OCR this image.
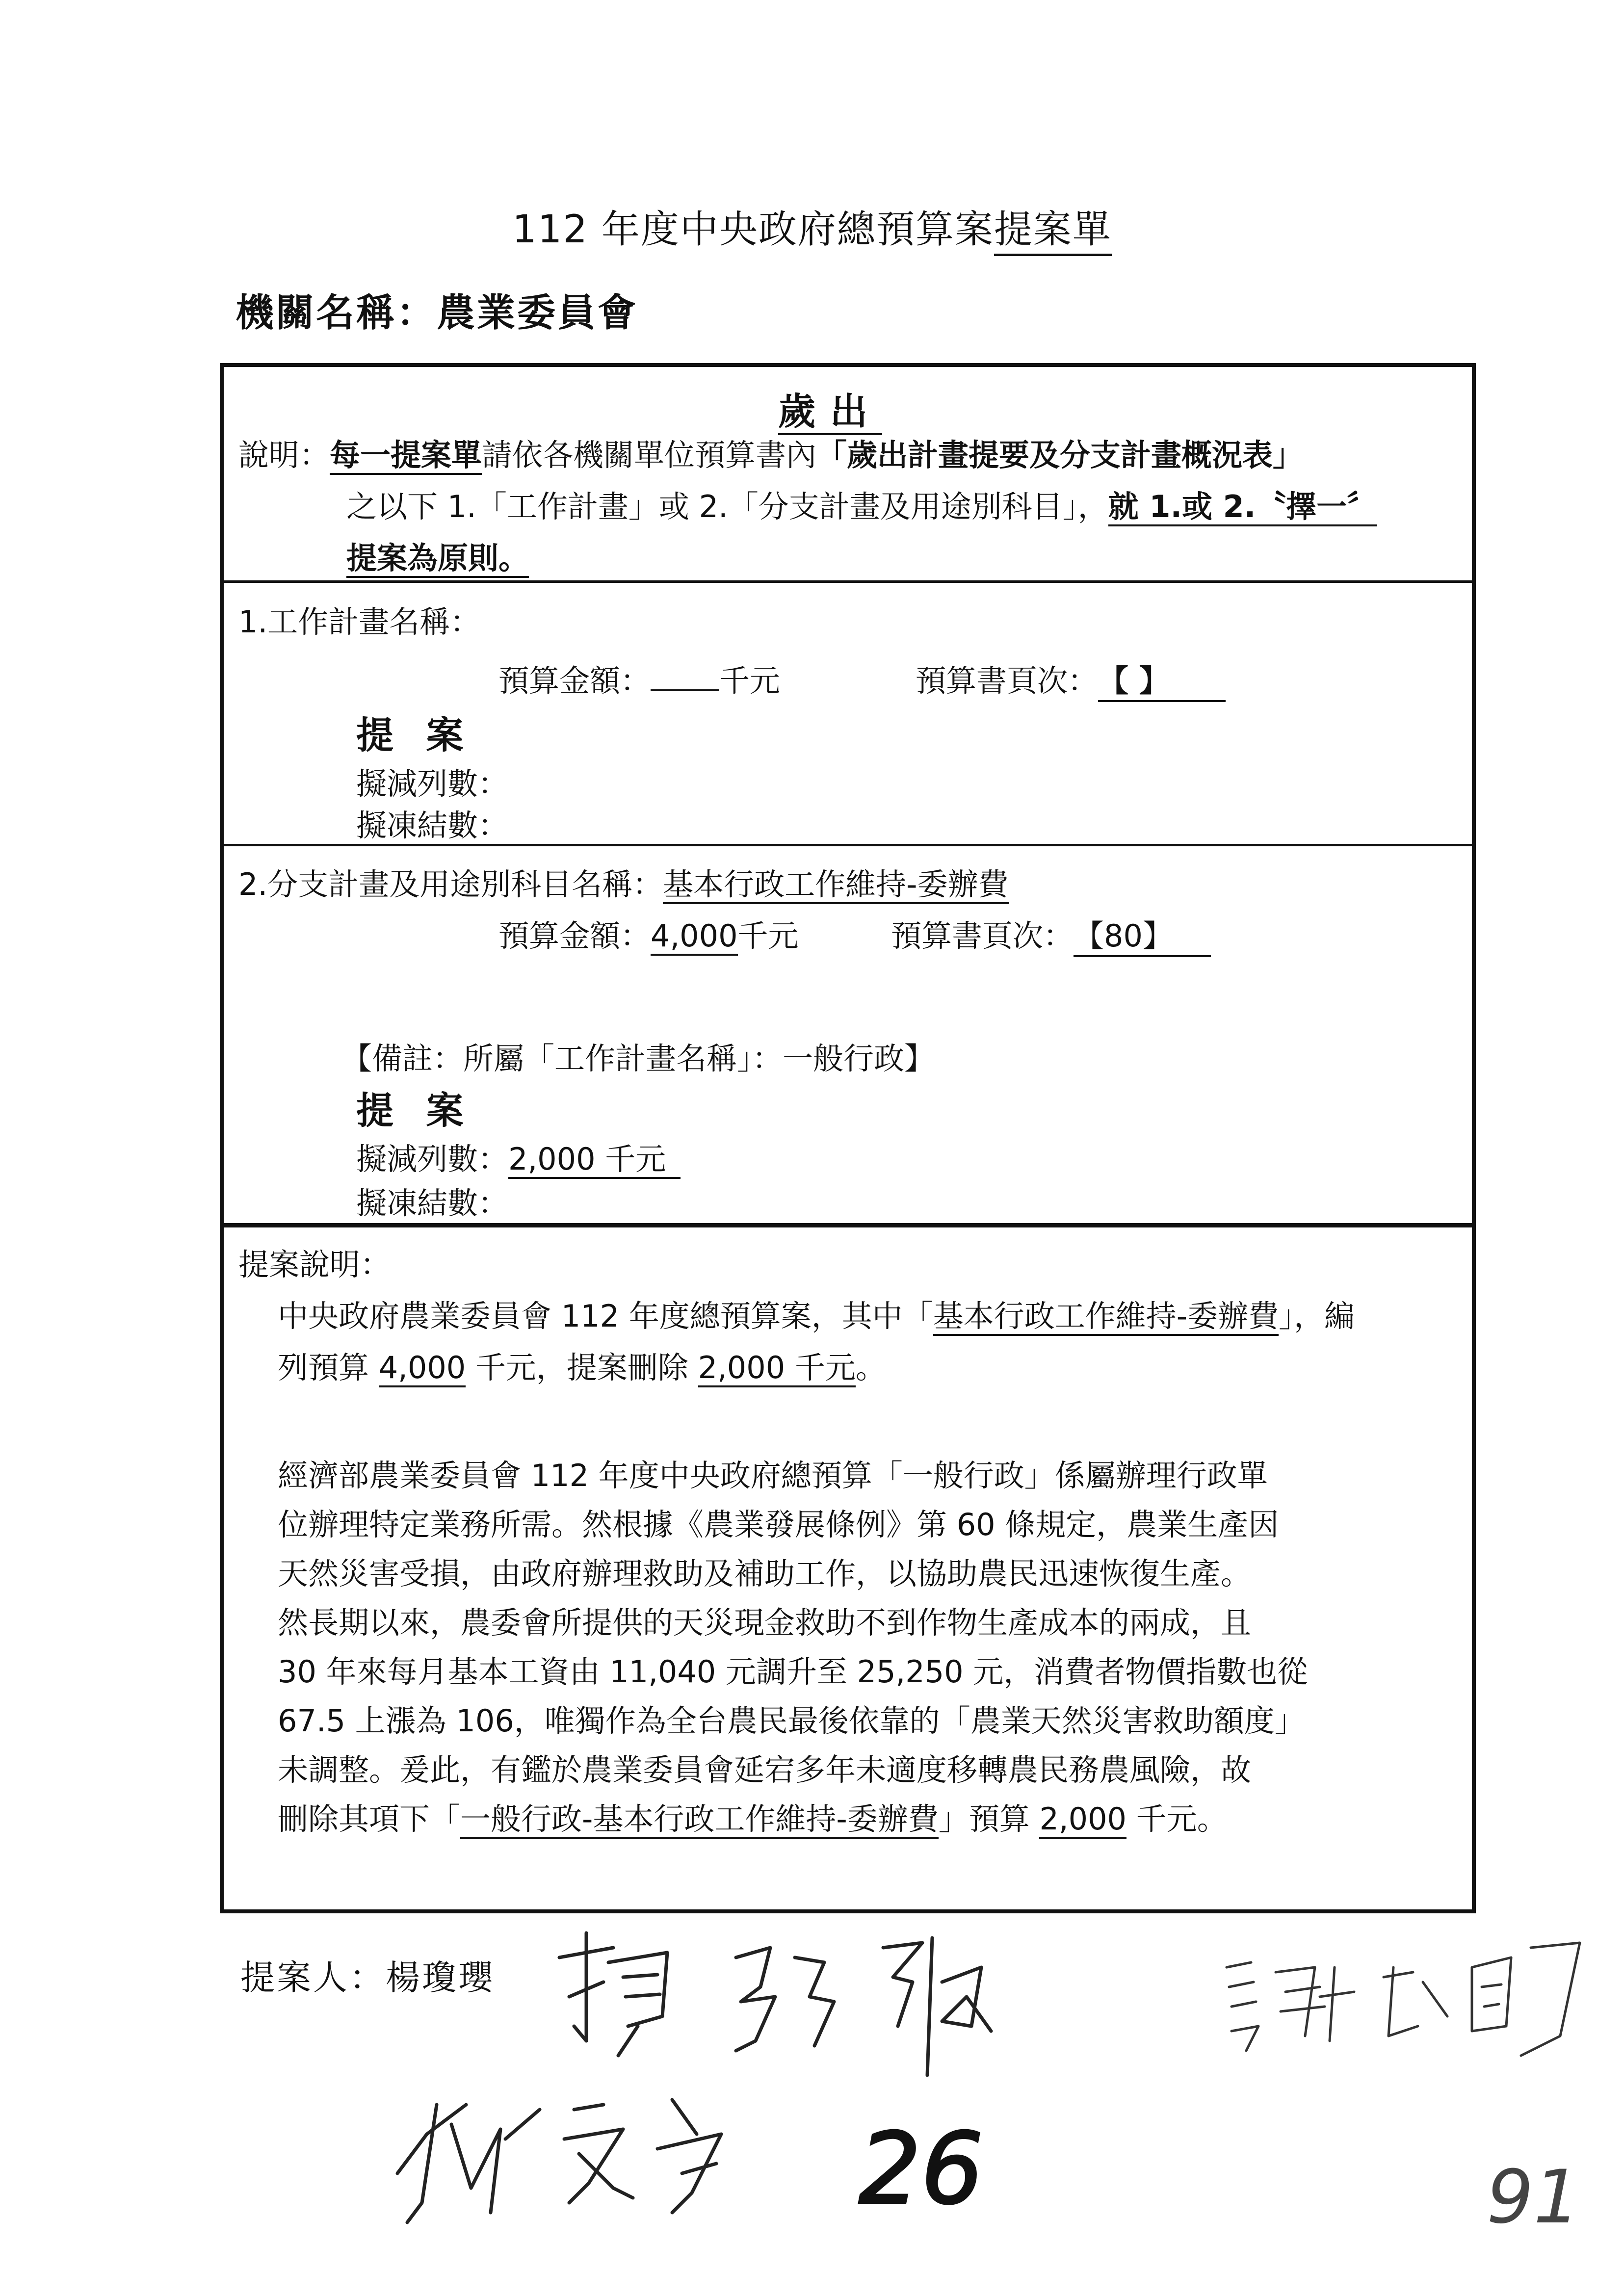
112 年度中央政府總預算案提案單
機關名稱：農業委員會
歲出
說明：每一提案單請依各機關單位預算書內「歲出計畫提要及分支計畫概況表」
之以下 1.「工作計畫」或 2.「分支計畫及用途別科目」，就 1.或 2.〝擇一〞
提案為原則。
1.工作計畫名稱：
預算金額： 千元	預算書頁次：【 】
提 案
擬減列數：
擬凍結數：
2.分支計畫及用途別科目名稱：基本行政工作維持-委辦費
預算金額：4,000千元	預算書頁次：【80】
【備註：所屬「工作計畫名稱」：一般行政】
提 案
擬減列數：2,000 千元
擬凍結數：
提案說明：
中央政府農業委員會 112 年度總預算案，其中「基本行政工作維持-委辦費」，編
列預算 4,000 千元，提案刪除 2,000 千元。
經濟部農業委員會 112 年度中央政府總預算「一般行政」係屬辦理行政單
位辦理特定業務所需。然根據《農業發展條例》第 60 條規定，農業生產因
天然災害受損，由政府辦理救助及補助工作，以協助農民迅速恢復生產。
然長期以來，農委會所提供的天災現金救助不到作物生產成本的兩成，且
30 年來每月基本工資由 11,040 元調升至 25,250 元，消費者物價指數也從
67.5 上漲為 106，唯獨作為全台農民最後依靠的「農業天然災害救助額度」
未調整。爰此，有鑑於農業委員會延宕多年未適度移轉農民務農風險，故
刪除其項下「一般行政-基本行政工作維持-委辦費」預算 2,000 千元。
提案人：楊瓊瓔
26	91
